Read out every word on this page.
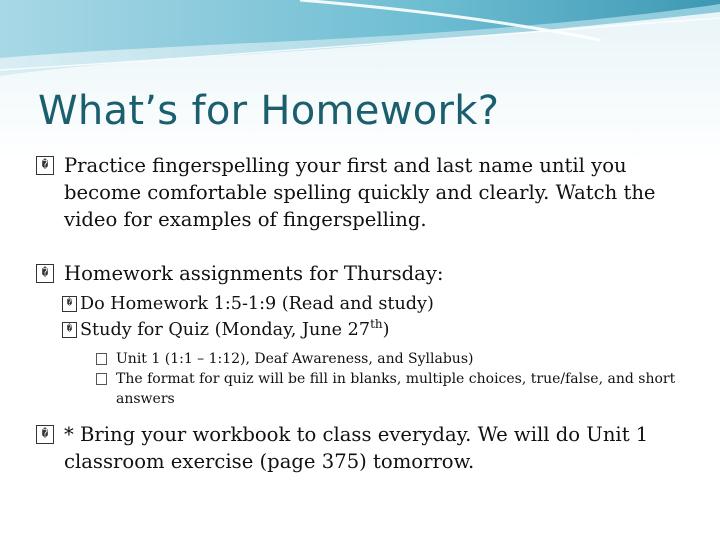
What’s for Homework?

� Practice fingerspelling your first and last name until you become comfortable spelling quickly and clearly. Watch the video for examples of fingerspelling.

� Homework assignments for Thursday:

� Do Homework 1:5-1:9 (Read and study)

� Study for Quiz (Monday, June 27th)

Unit 1 (1:1 – 1:12), Deaf Awareness, and Syllabus)

The format for quiz will be fill in blanks, multiple choices, true/false, and short answers

� * Bring your workbook to class everyday. We will do Unit 1 classroom exercise (page 375) tomorrow.
